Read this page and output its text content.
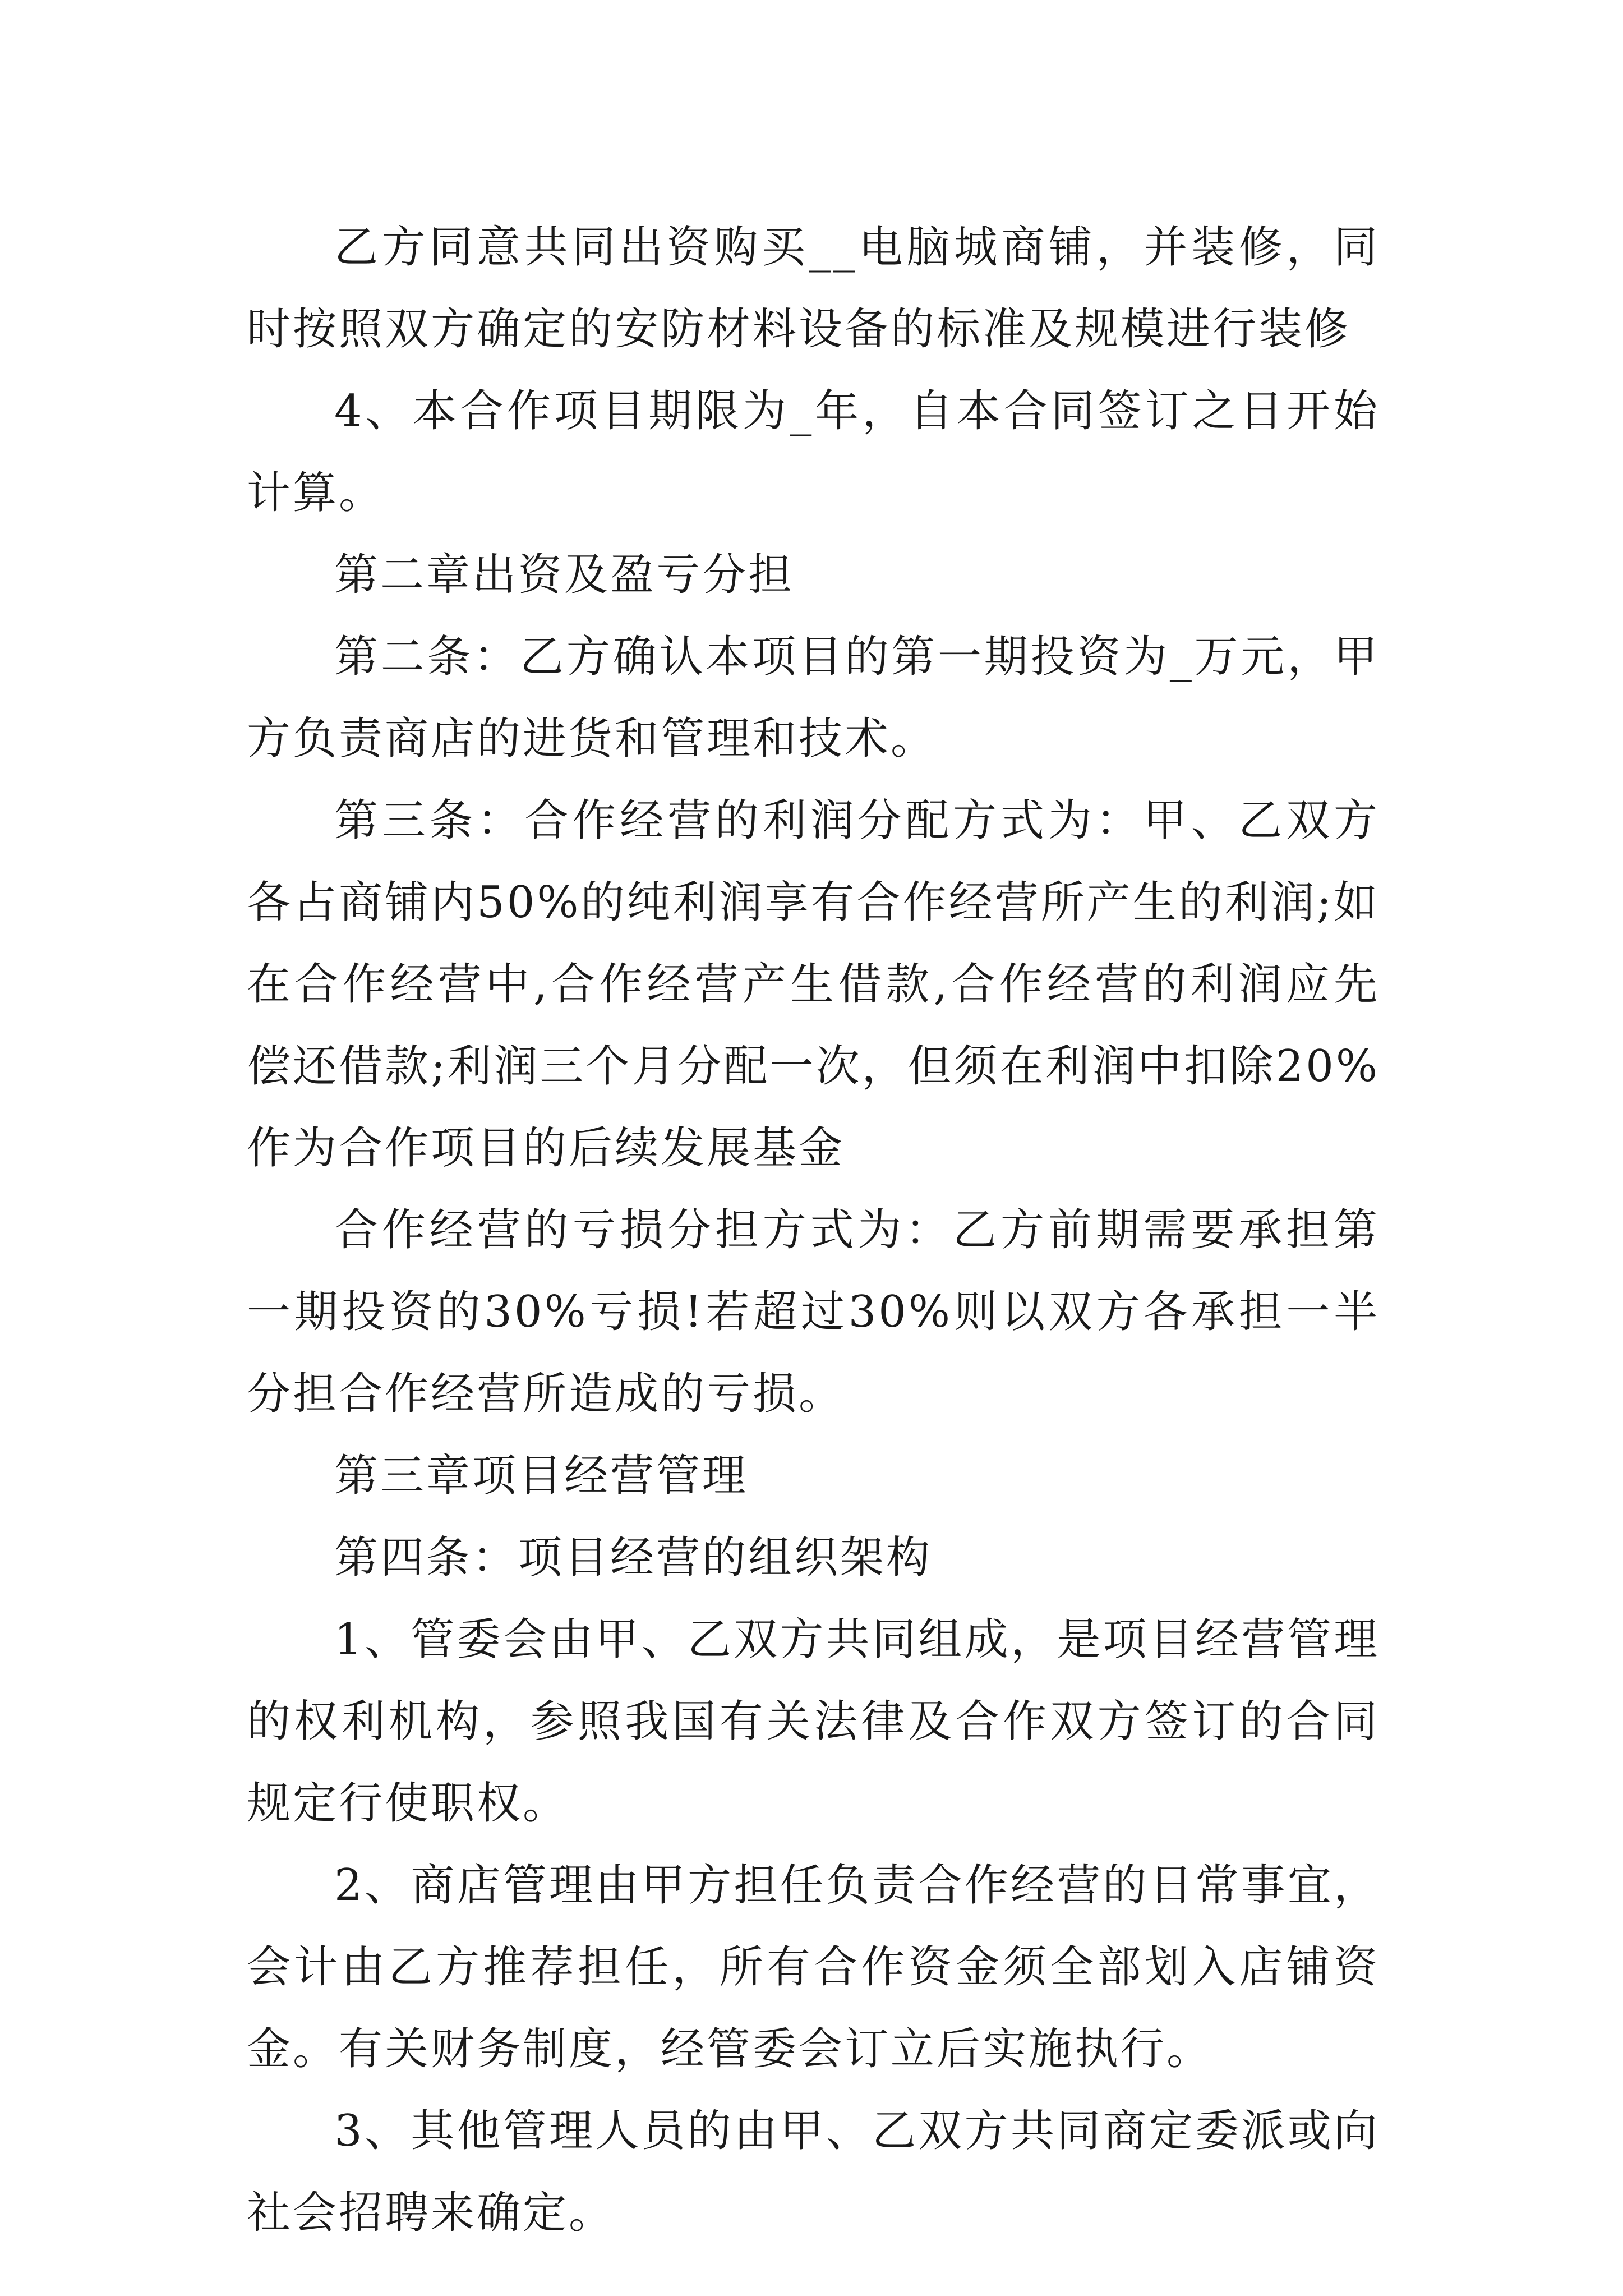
乙方同意共同出资购买__电脑城商铺，并装修，同时按照双方确定的安防材料设备的标准及规模进行装修

4、本合作项目期限为_年，自本合同签订之日开始计算。

第二章出资及盈亏分担

第二条：乙方确认本项目的第一期投资为_万元，甲方负责商店的进货和管理和技术。

第三条：合作经营的利润分配方式为：甲、乙双方各占商铺内50%的纯利润享有合作经营所产生的利润;如在合作经营中,合作经营产生借款,合作经营的利润应先偿还借款;利润三个月分配一次，但须在利润中扣除20%作为合作项目的后续发展基金

合作经营的亏损分担方式为：乙方前期需要承担第一期投资的30%亏损!若超过30%则以双方各承担一半分担合作经营所造成的亏损。

第三章项目经营管理

第四条：项目经营的组织架构

1、管委会由甲、乙双方共同组成，是项目经营管理的权利机构，参照我国有关法律及合作双方签订的合同规定行使职权。

2、商店管理由甲方担任负责合作经营的日常事宜，会计由乙方推荐担任，所有合作资金须全部划入店铺资金。有关财务制度，经管委会订立后实施执行。

3、其他管理人员的由甲、乙双方共同商定委派或向社会招聘来确定。
